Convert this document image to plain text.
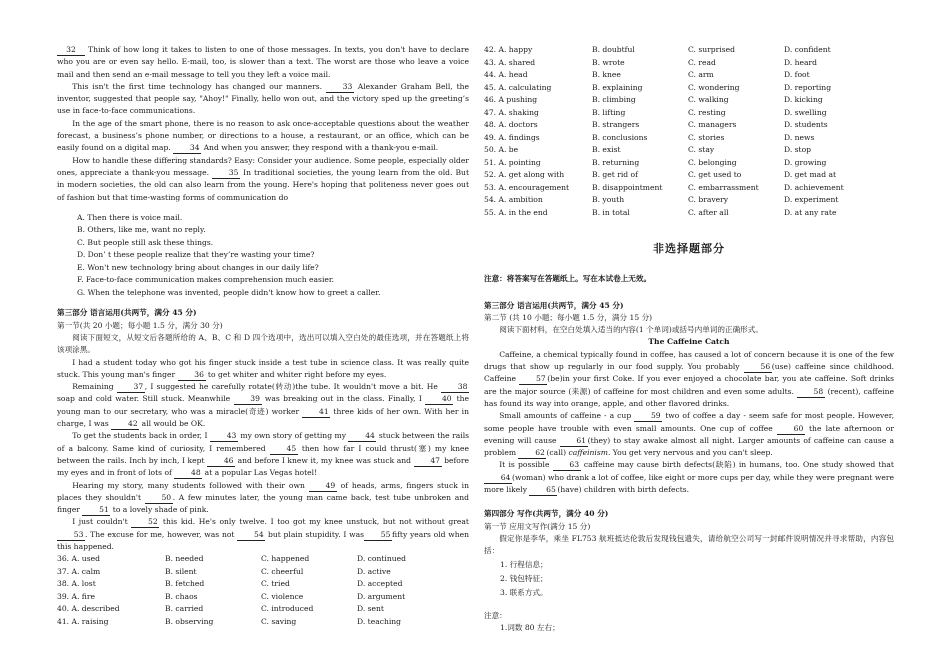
32 Think of how long it takes to listen to one of those messages. In texts, you don't have to declare who you are or even say hello. E-mail, too, is slower than a text. The worst are those who leave a voice mail and then send an e-mail message to tell you they left a voice mail.

This isn't the first time technology has changed our manners. 33 Alexander Graham Bell, the inventor, suggested that people say, "Ahoy!" Finally, hello won out, and the victory sped up the greeting’s use in face-to-face communications.

In the age of the smart phone, there is no reason to ask once-acceptable questions about the weather forecast, a business’s phone number, or directions to a house, a restaurant, or an office, which can be easily found on a digital map. 34 And when you answer, they respond with a thank-you e-mail.

How to handle these differing standards? Easy: Consider your audience. Some people, especially older ones, appreciate a thank-you message. 35 In traditional societies, the young learn from the old. But in modern societies, the old can also learn from the young. Here's hoping that politeness never goes out of fashion but that time-wasting forms of communication do

A. Then there is voice mail.
B. Others, like me, want no reply.
C. But people still ask these things.
D. Don’ t these people realize that they’re wasting your time?
E. Won't new technology bring about changes in our daily life?
F. Face-to-face communication makes comprehension much easier.
G. When the telephone was invented, people didn't know how to greet a caller.
第三部分 语言运用(共两节，满分 45 分)
第一节(共 20 小题；每小题 1.5 分，满分 30 分)

阅读下面短文，从短文后各题所给的 A、B、C 和 D 四个选项中，选出可以填入空白处的最佳选项，并在答题纸上将该项涂黑。

I had a student today who got his finger stuck inside a test tube in science class. It was really quite stuck. This young man's finger 36 to get whiter and whiter right before my eyes.

Remaining 37 , I suggested he carefully rotate(转动)the tube. It wouldn't move a bit. He 38 soap and cold water. Still stuck. Meanwhile 39 was breaking out in the class. Finally, I 40 the young man to our secretary, who was a miracle(奇迹) worker 41 three kids of her own. With her in charge, I was 42 all would be OK.

To get the students back in order, I 43 my own story of getting my 44 stuck between the rails of a balcony. Same kind of curiosity, I remembered 45 then how far I could thrust(塞) my knee between the rails. Inch by inch, I kept 46 and before I knew it, my knee was stuck and 47 before my eyes and in front of lots of 48 at a popular Las Vegas hotel!

Hearing my story, many students followed with their own 49 of heads, arms, fingers stuck in places they shouldn't 50 . A few minutes later, the young man came back, test tube unbroken and finger 51 to a lovely shade of pink.

I just couldn't 52 this kid. He's only twelve. I too got my knee unstuck, but not without great 53 . The excuse for me, however, was not 54 but plain stupidity. I was 55 fifty years old when this happened.

36. A. used	B. needed	C. happened	D. continued
37. A. calm	B. silent	C. cheerful	D. active
38. A. lost	B. fetched	C. tried	D. accepted
39. A. fire	B. chaos	C. violence	D. argument
40. A. described	B. carried	C. introduced	D. sent
41. A. raising	B. observing	C. saving	D. teaching
42. A. happy	B. doubtful	C. surprised	D. confident
43. A. shared	B. wrote	C. read	D. heard
44. A. head	B. knee	C. arm	D. foot
45. A. calculating	B. explaining	C. wondering	D. reporting
46. A pushing	B. climbing	C. walking	D. kicking
47. A. shaking	B. lifting	C. resting	D. swelling
48. A. doctors	B. strangers	C. managers	D. students
49. A. findings	B. conclusions	C. stories	D. news
50. A. be	B. exist	C. stay	D. stop
51. A. pointing	B. returning	C. belonging	D. growing
52. A. get along with	B. get rid of	C. get used to	D. get mad at
53. A. encouragement	B. disappointment	C. embarrassment	D. achievement
54. A. ambition	B. youth	C. bravery	D. experiment
55. A. in the end	B. in total	C. after all	D. at any rate
非选择题部分
注意：将答案写在答题纸上。写在本试卷上无效。
第三部分 语言运用(共两节，满分 45 分)
第二节 (共 10 小题；每小题 1.5 分，满分 15 分)

阅读下面材料，在空白处填入适当的内容(1 个单词)或括号内单词的正确形式。

The Caffeine Catch

Caffeine, a chemical typically found in coffee, has caused a lot of concern because it is one of the few drugs that show up regularly in our food supply. You probably 56 (use) caffeine since childhood. Caffeine 57 (be)in your first Coke. If you ever enjoyed a chocolate bar, you ate caffeine. Soft drinks are the major source (来源) of caffeine for most children and even some adults. 58 (recent), caffeine has found its way into orange, apple, and other flavored drinks.

Small amounts of caffeine - a cup 59 two of coffee a day - seem safe for most people. However, some people have trouble with even small amounts. One cup of coffee 60 the late afternoon or evening will cause 61 (they) to stay awake almost all night. Larger amounts of caffeine can cause a problem 62 (call) caffeinism. You get very nervous and you can't sleep.

It is possible 63 caffeine may cause birth defects(缺陷) in humans, too. One study showed that 64 (woman) who drank a lot of coffee, like eight or more cups per day, while they were pregnant were more likely 65 (have) children with birth defects.

第四部分 写作(共两节，满分 40 分)
第一节 应用文写作(满分 15 分)

假定你是李华，乘坐 FL753 航班抵达伦敦后发现钱包遗失，请给航空公司写一封邮件说明情况并寻求帮助，内容包括：

1. 行程信息；
2. 钱包特征；
3. 联系方式。
注意：
1.词数 80 左右；
